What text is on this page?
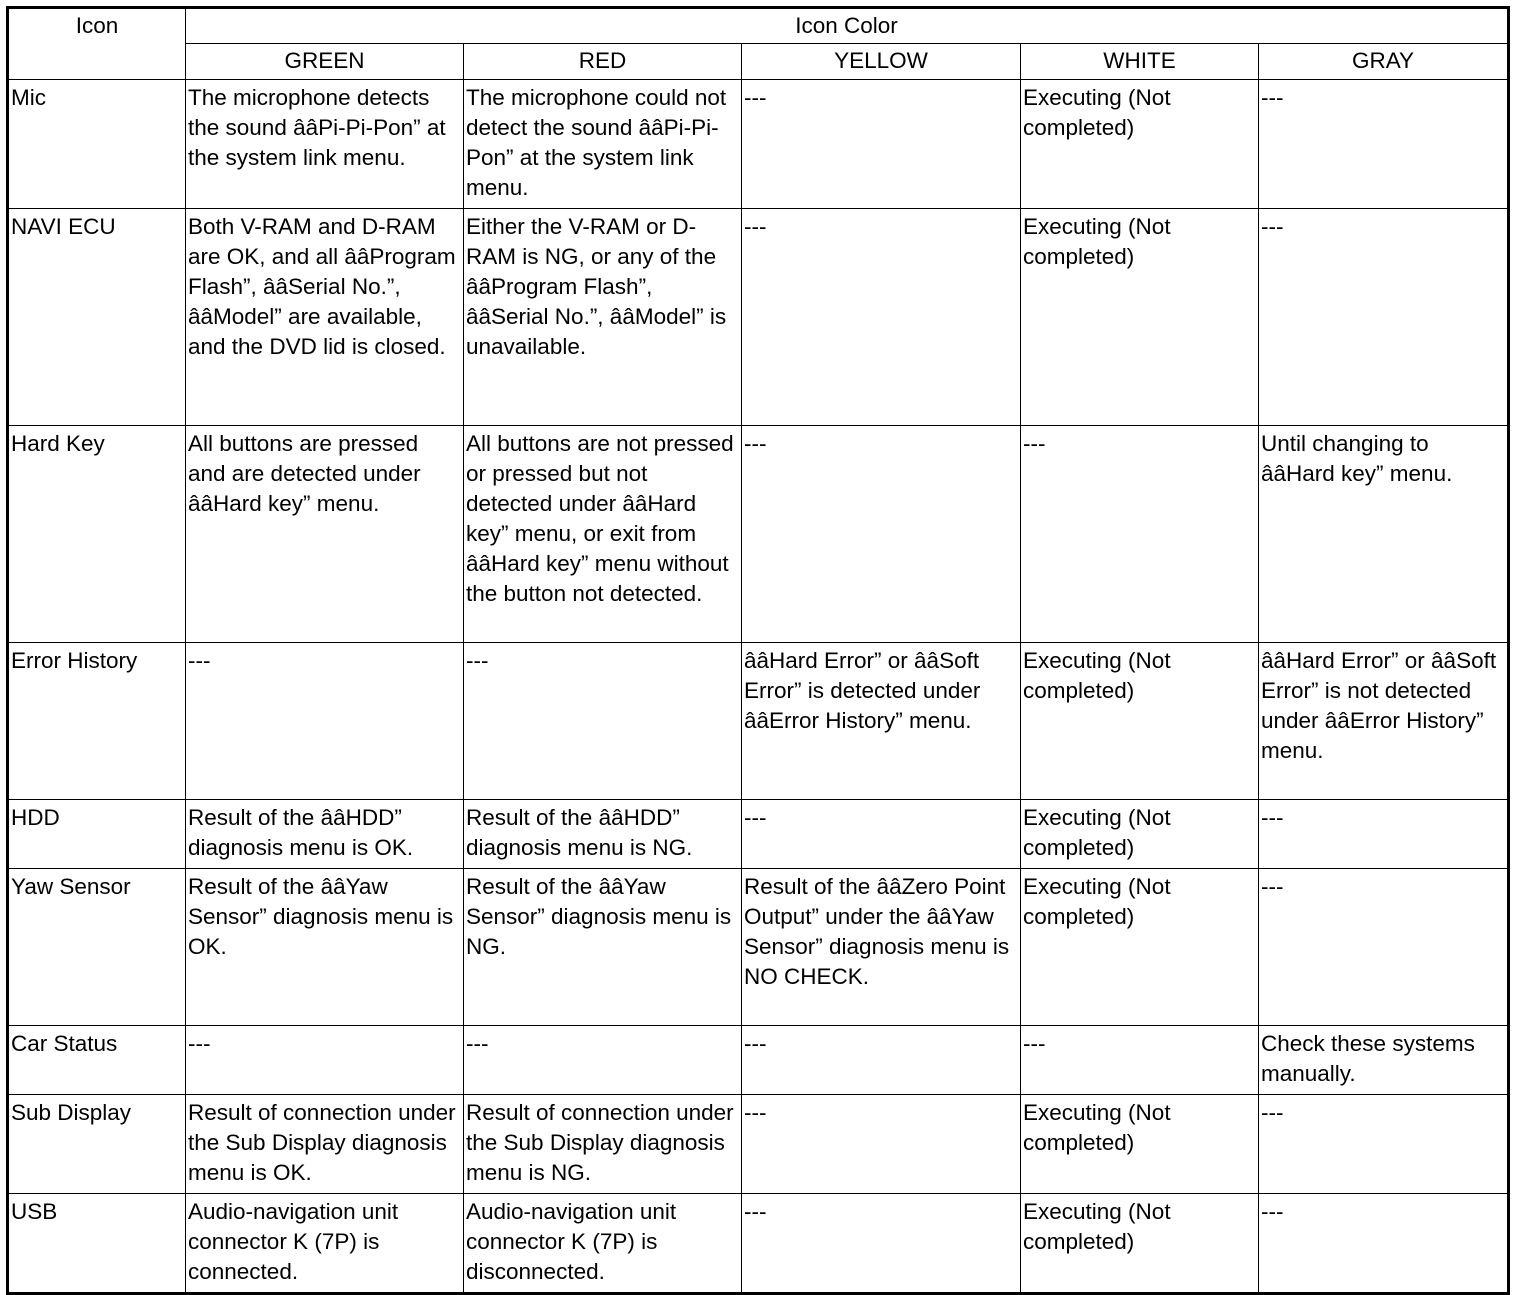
Icon	Icon Color				
	GREEN	RED	YELLOW	WHITE	GRAY
Mic	The microphone detects the sound ââPi-Pi-Pon” at the system link menu.	The microphone could not detect the sound ââPi-Pi-Pon” at the system link menu.	---	Executing (Not completed)	---
NAVI ECU	Both V-RAM and D-RAM are OK, and all ââProgram Flash”, ââSerial No.”, ââModel” are available, and the DVD lid is closed.	Either the V-RAM or D-RAM is NG, or any of the ââProgram Flash”, ââSerial No.”, ââModel” is unavailable.	---	Executing (Not completed)	---
Hard Key	All buttons are pressed and are detected under ââHard key” menu.	All buttons are not pressed or pressed but not detected under ââHard key” menu, or exit from ââHard key” menu without the button not detected.	---	---	Until changing to ââHard key” menu.
Error History	---	---	ââHard Error” or ââSoft Error” is detected under ââError History” menu.	Executing (Not completed)	ââHard Error” or ââSoft Error” is not detected under ââError History” menu.
HDD	Result of the ââHDD” diagnosis menu is OK.	Result of the ââHDD” diagnosis menu is NG.	---	Executing (Not completed)	---
Yaw Sensor	Result of the ââYaw Sensor” diagnosis menu is OK.	Result of the ââYaw Sensor” diagnosis menu is NG.	Result of the ââZero Point Output” under the ââYaw Sensor” diagnosis menu is NO CHECK.	Executing (Not completed)	---
Car Status	---	---	---	---	Check these systems manually.
Sub Display	Result of connection under the Sub Display diagnosis menu is OK.	Result of connection under the Sub Display diagnosis menu is NG.	---	Executing (Not completed)	---
USB	Audio-navigation unit connector K (7P) is connected.	Audio-navigation unit connector K (7P) is disconnected.	---	Executing (Not completed)	---
